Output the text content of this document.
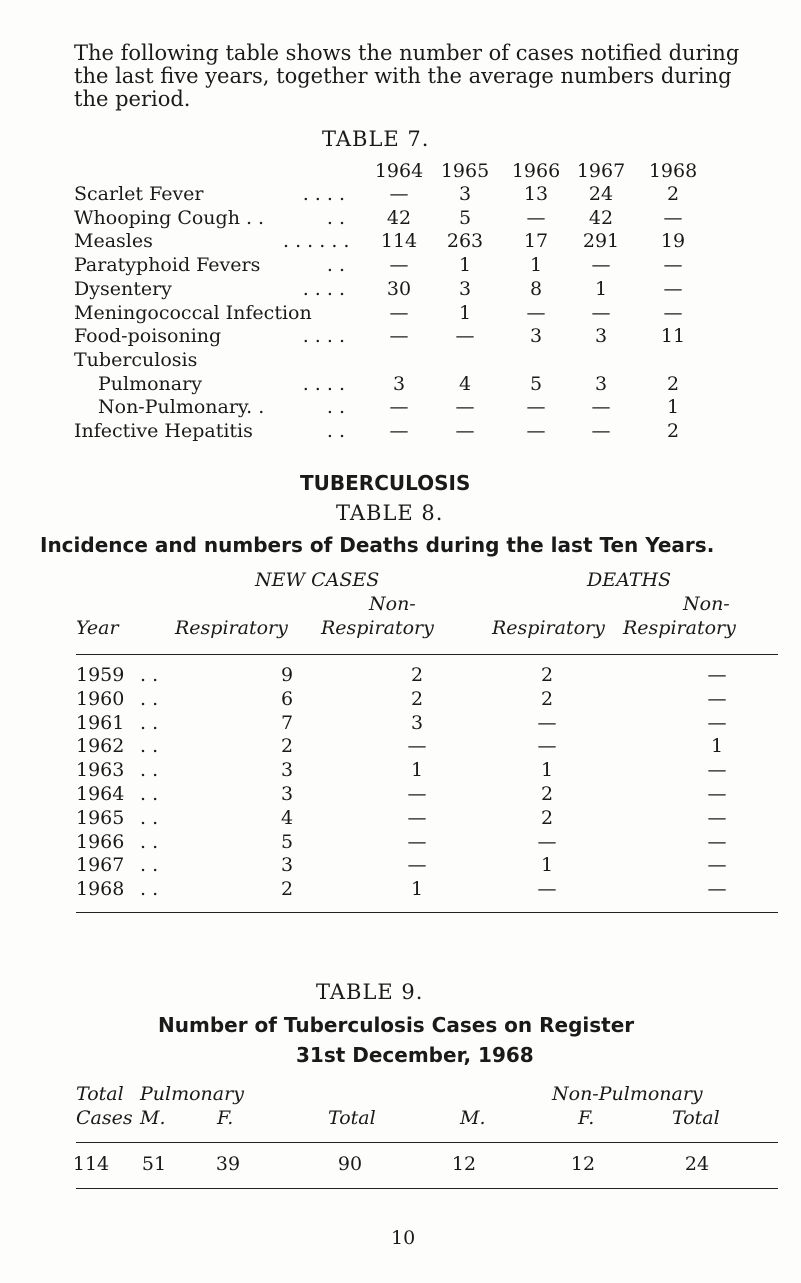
The following table shows the number of cases notified during the last five years, together with the average numbers during the period.
TABLE 7.
1964 1965	1966 1967	1968
Scarlet Fever	. . . .	—	3	13	24	2
Whooping Cough . .	. .	42	5	—	42	—
Measles	. . . . . .	114	263	17	291	19
Paratyphoid Fevers	. .	—	1	1	—	—
Dysentery	. . . .	30	3	8	1	—
Meningococcal Infection	—	1	—	—	—
Food-poisoning	. . . .	—	—	3	3	11
Tuberculosis
Pulmonary	. . . .	3	4	5	3	2
Non-Pulmonary. .	. .	—	—	—	—	1
Infective Hepatitis	. .	—	—	—	—	2
TUBERCULOSIS
TABLE 8.
Incidence and numbers of Deaths during the last Ten Years.
NEW CASES	DEATHS
Non-	Non-
Year	Respiratory Respiratory	Respiratory Respiratory
1959 . .	9	2	2	—
1960 . .	6	2	2	—
1961 . .	7	3	—	—
1962 . .	2	—	—	1
1963 . .	3	1	1	—
1964 . .	3	—	2	—
1965 . .	4	—	2	—
1966 . .	5	—	—	—
1967 . .	3	—	1	—
1968 . .	2	1	—	—
TABLE 9.
Number of Tuberculosis Cases on Register
31st December, 1968
Total
Cases
Pulmonary	Non-Pulmonary
M.	F.	Total	M.	F.	Total
114	51	39	90	12	12	24
10
